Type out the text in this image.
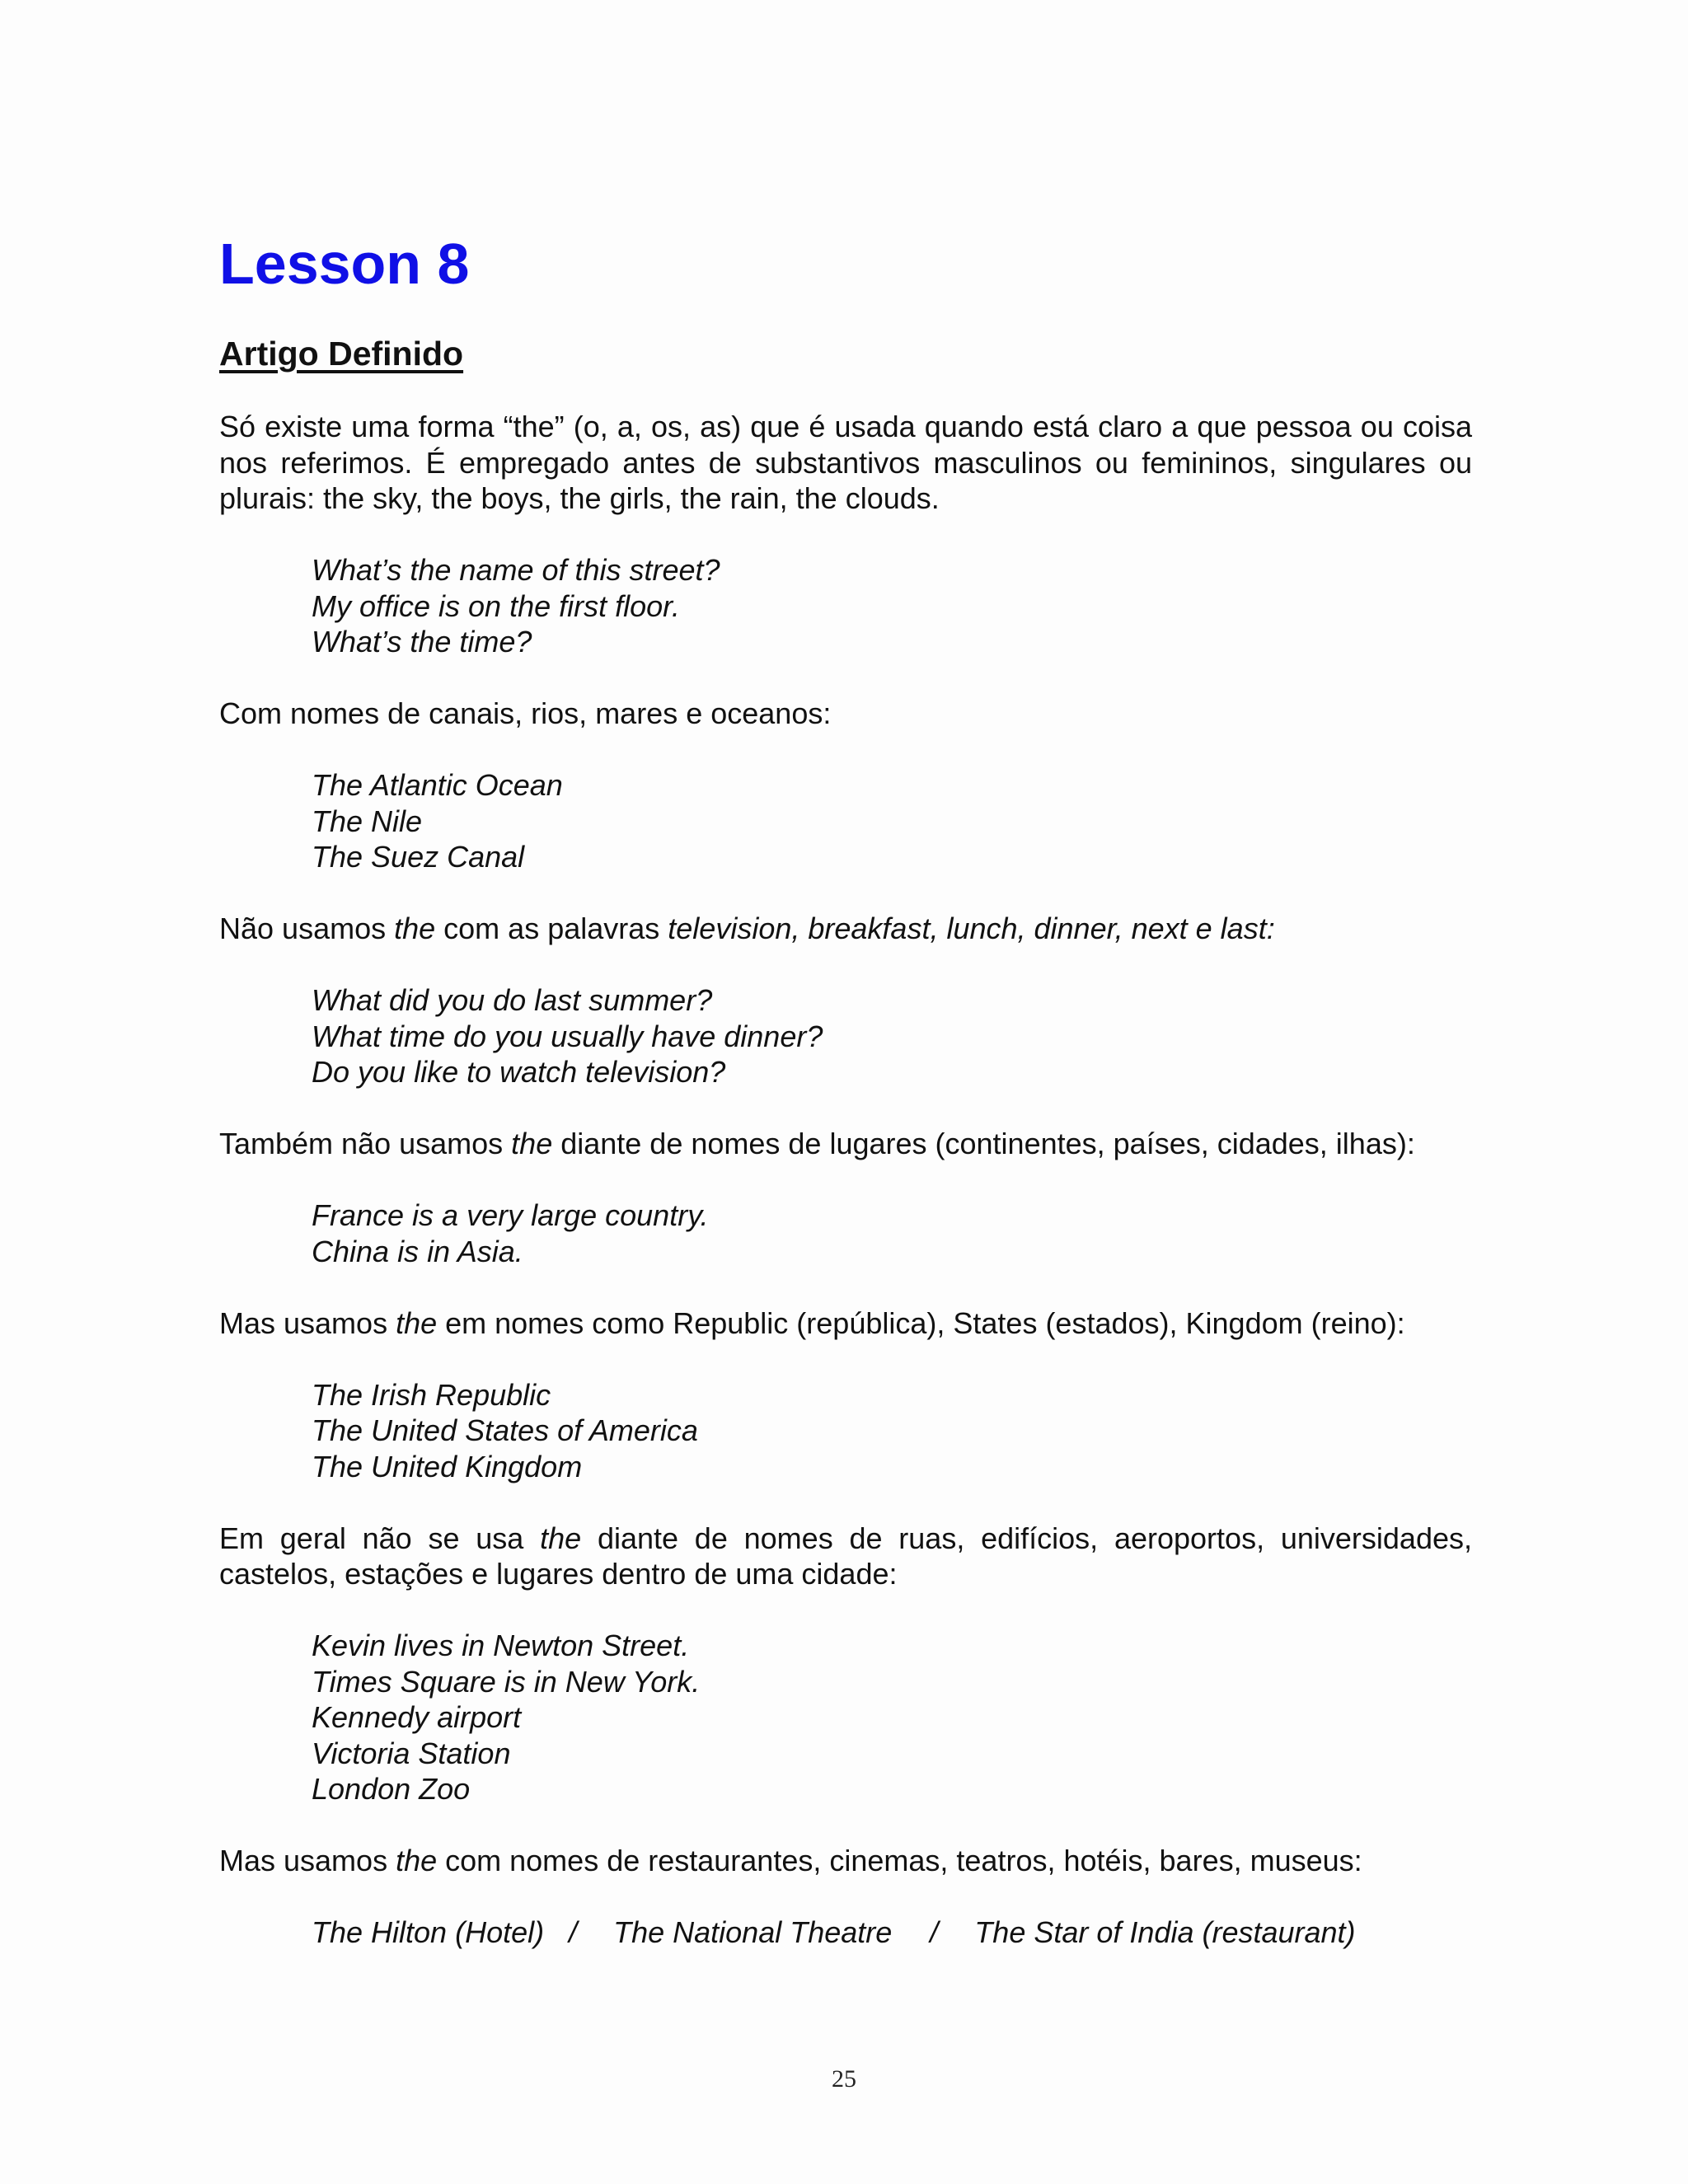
Lesson 8
Artigo Definido

Só existe uma forma “the” (o, a, os, as) que é usada quando está claro a que pessoa ou coisa nos referimos. É empregado antes de substantivos masculinos ou femininos, singulares ou plurais: the sky, the boys, the girls, the rain, the clouds.

What’s the name of this street?
My office is on the first floor.
What’s the time?

Com nomes de canais, rios, mares e oceanos:

The Atlantic Ocean
The Nile
The Suez Canal

Não usamos the com as palavras television, breakfast, lunch, dinner, next e last:

What did you do last summer?
What time do you usually have dinner?
Do you like to watch television?

Também não usamos the diante de nomes de lugares (continentes, países, cidades, ilhas):

France is a very large country.
China is in Asia.

Mas usamos the em nomes como Republic (república), States (estados), Kingdom (reino):

The Irish Republic
The United States of America
The United Kingdom

Em geral não se usa the diante de nomes de ruas, edifícios, aeroportos, universidades, castelos, estações e lugares dentro de uma cidade:

Kevin lives in Newton Street.
Times Square is in New York.
Kennedy airport
Victoria Station
London Zoo

Mas usamos the com nomes de restaurantes, cinemas, teatros, hotéis, bares, museus:

The Hilton (Hotel) / The National Theatre / The Star of India (restaurant)
25
